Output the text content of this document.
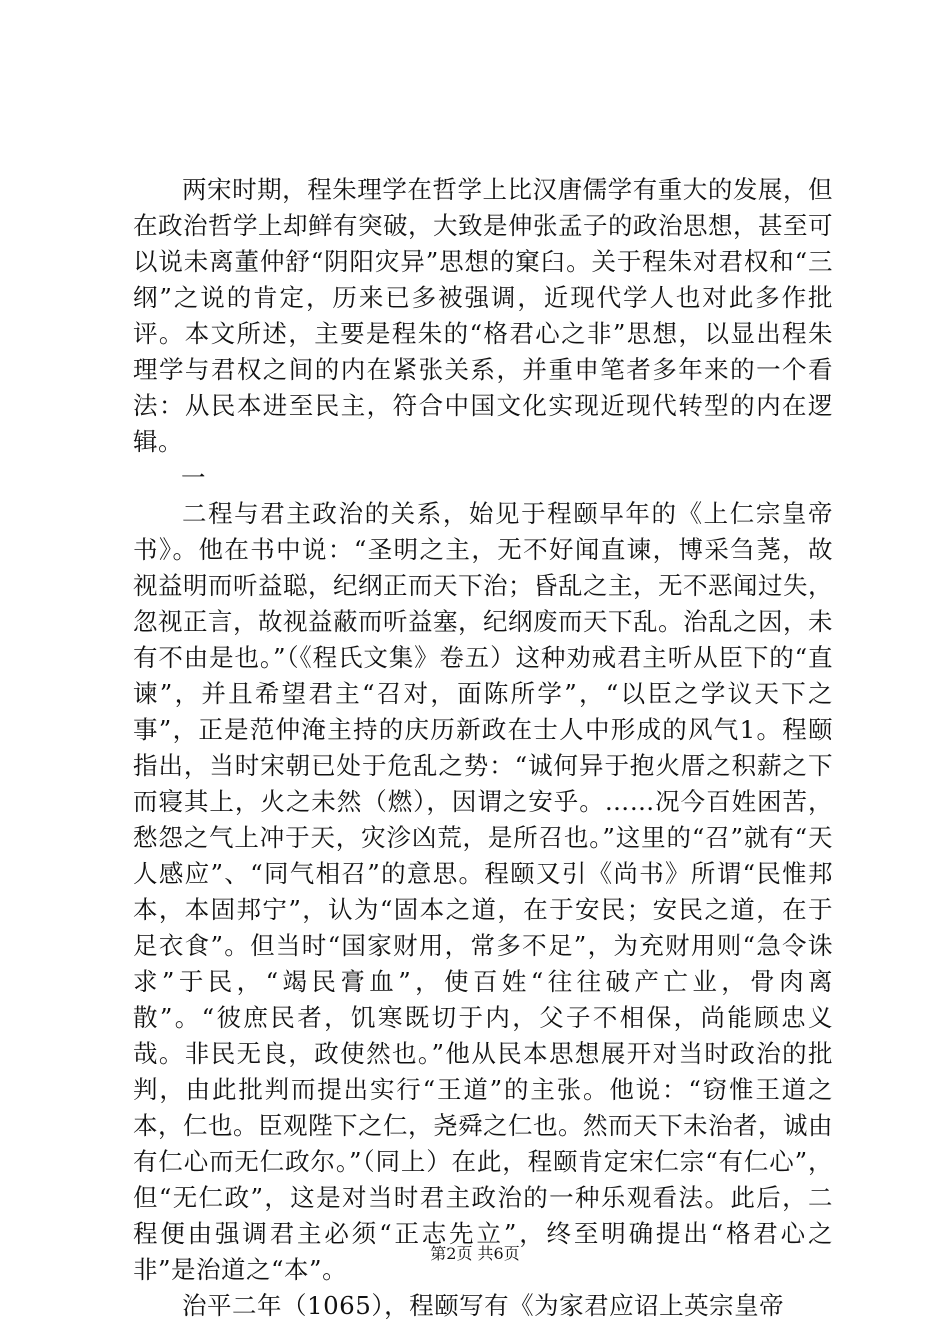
两宋时期，程朱理学在哲学上比汉唐儒学有重大的发展，但在政治哲学上却鲜有突破，大致是伸张孟子的政治思想，甚至可以说未离董仲舒“阴阳灾异”思想的窠臼。关于程朱对君权和“三纲”之说的肯定，历来已多被强调，近现代学人也对此多作批评。本文所述，主要是程朱的“格君心之非”思想，以显出程朱理学与君权之间的内在紧张关系，并重申笔者多年来的一个看法：从民本进至民主，符合中国文化实现近现代转型的内在逻辑。

一

二程与君主政治的关系，始见于程颐早年的《上仁宗皇帝书》。他在书中说：“圣明之主，无不好闻直谏，博采刍荛，故视益明而听益聪，纪纲正而天下治；昏乱之主，无不恶闻过失，忽视正言，故视益蔽而听益塞，纪纲废而天下乱。治乱之因，未有不由是也。”（《程氏文集》卷五）这种劝戒君主听从臣下的“直谏”，并且希望君主“召对，面陈所学”，“以臣之学议天下之事”，正是范仲淹主持的庆历新政在士人中形成的风气1。程颐指出，当时宋朝已处于危乱之势：“诚何异于抱火厝之积薪之下而寝其上，火之未然（燃），因谓之安乎。……况今百姓困苦，愁怨之气上冲于天，灾沴凶荒，是所召也。”这里的“召”就有“天人感应”、“同气相召”的意思。程颐又引《尚书》所谓“民惟邦本，本固邦宁”，认为“固本之道，在于安民；安民之道，在于足衣食”。但当时“国家财用，常多不足”，为充财用则“急令诛求”于民，“竭民膏血”，使百姓“往往破产亡业，骨肉离散”。“彼庶民者，饥寒既切于内，父子不相保，尚能顾忠义哉。非民无良，政使然也。”他从民本思想展开对当时政治的批判，由此批判而提出实行“王道”的主张。他说：“窃惟王道之本，仁也。臣观陛下之仁，尧舜之仁也。然而天下未治者，诚由有仁心而无仁政尔。”（同上）在此，程颐肯定宋仁宗“有仁心”，但“无仁政”，这是对当时君主政治的一种乐观看法。此后，二程便由强调君主必须“正志先立”，终至明确提出“格君心之非”是治道之“本”。

治平二年（1065），程颐写有《为家君应诏上英宗皇帝

第2页 共6页
